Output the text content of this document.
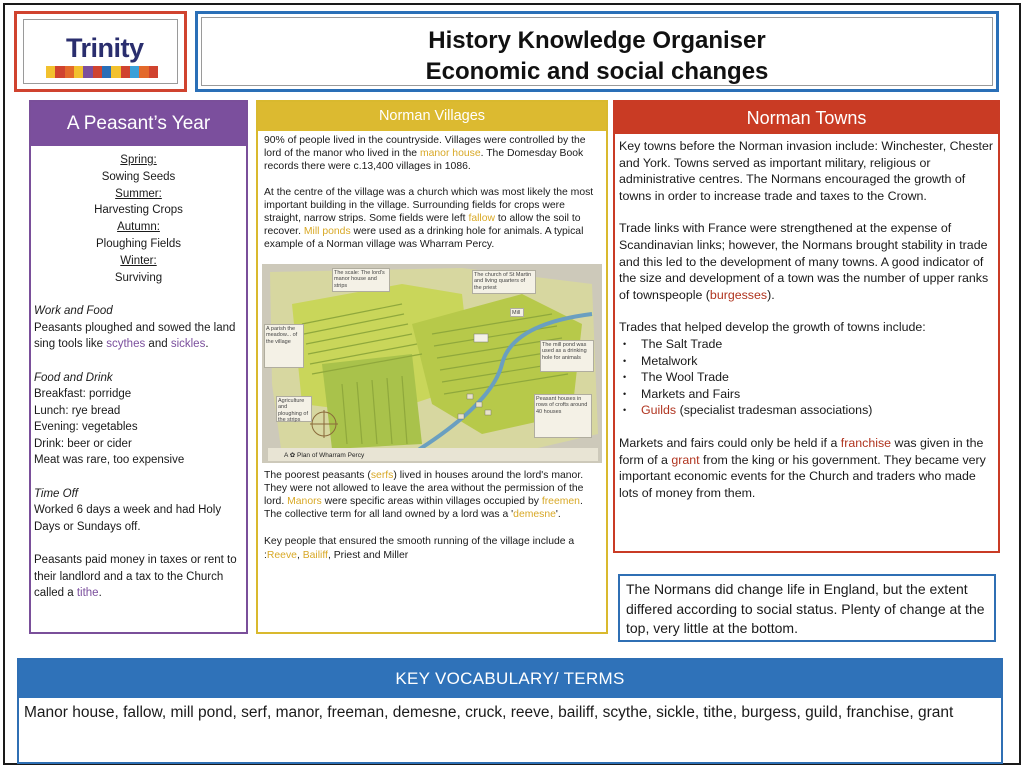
Trinity	History Knowledge Organiser
Economic and social changes
A Peasant’s Year
Spring:
Sowing Seeds
Summer:
Harvesting Crops
Autumn:
Ploughing Fields
Winter:
Surviving
Work and Food
Peasants ploughed and sowed the land sing tools like scythes and sickles.
Food and Drink
Breakfast: porridge
Lunch: rye bread
Evening: vegetables
Drink: beer or cider
Meat was rare, too expensive
Time Off
Worked 6 days a week and had Holy Days or Sundays off.
Peasants paid money in taxes or rent to their landlord and a tax to the Church called a tithe.
Norman Villages

90% of people lived in the countryside. Villages were controlled by the lord of the manor who lived in the manor house. The Domesday Book records there were c.13,400 villages in 1086.

At the centre of the village was a church which was most likely the most important building in the village. Surrounding fields for crops were straight, narrow strips. Some fields were left fallow to allow the soil to recover. Mill ponds were used as a drinking hole for animals. A typical example of a Norman village was Wharram Percy.

The scale: The lord's manor house and strips
The church of St Martin and living quarters of the priest
Mill
A parish the meadow... of the village	The mill pond was used as a drinking hole for animals
Agriculture and ploughing of the strips
Peasant houses in rows of crofts around 40 houses
A ✿ Plan of Wharram Percy

The poorest peasants (serfs) lived in houses around the lord's manor. They were not allowed to leave the area without the permission of the lord. Manors were specific areas within villages occupied by freemen. The collective term for all land owned by a lord was a 'demesne'.

Key people that ensured the smooth running of the village include a :Reeve, Bailiff, Priest and Miller

Norman Towns

Key towns before the Norman invasion include: Winchester, Chester and York. Towns served as important military, religious or administrative centres. The Normans encouraged the growth of towns in order to increase trade and taxes to the Crown.

Trade links with France were strengthened at the expense of Scandinavian links; however, the Normans brought stability in trade and this led to the development of many towns. A good indicator of the size and development of a town was the number of upper ranks of townspeople (burgesses).

Trades that helped develop the growth of towns include:
• The Salt Trade
• Metalwork
• The Wool Trade
• Markets and Fairs
• Guilds (specialist tradesman associations)

Markets and fairs could only be held if a franchise was given in the form of a grant from the king or his government. They became very important economic events for the Church and traders who made lots of money from them.

The Normans did change life in England, but the extent differed according to social status. Plenty of change at the top, very little at the bottom.
KEY VOCABULARY/ TERMS
Manor house, fallow, mill pond, serf, manor, freeman, demesne, cruck, reeve, bailiff, scythe, sickle, tithe, burgess, guild, franchise, grant
